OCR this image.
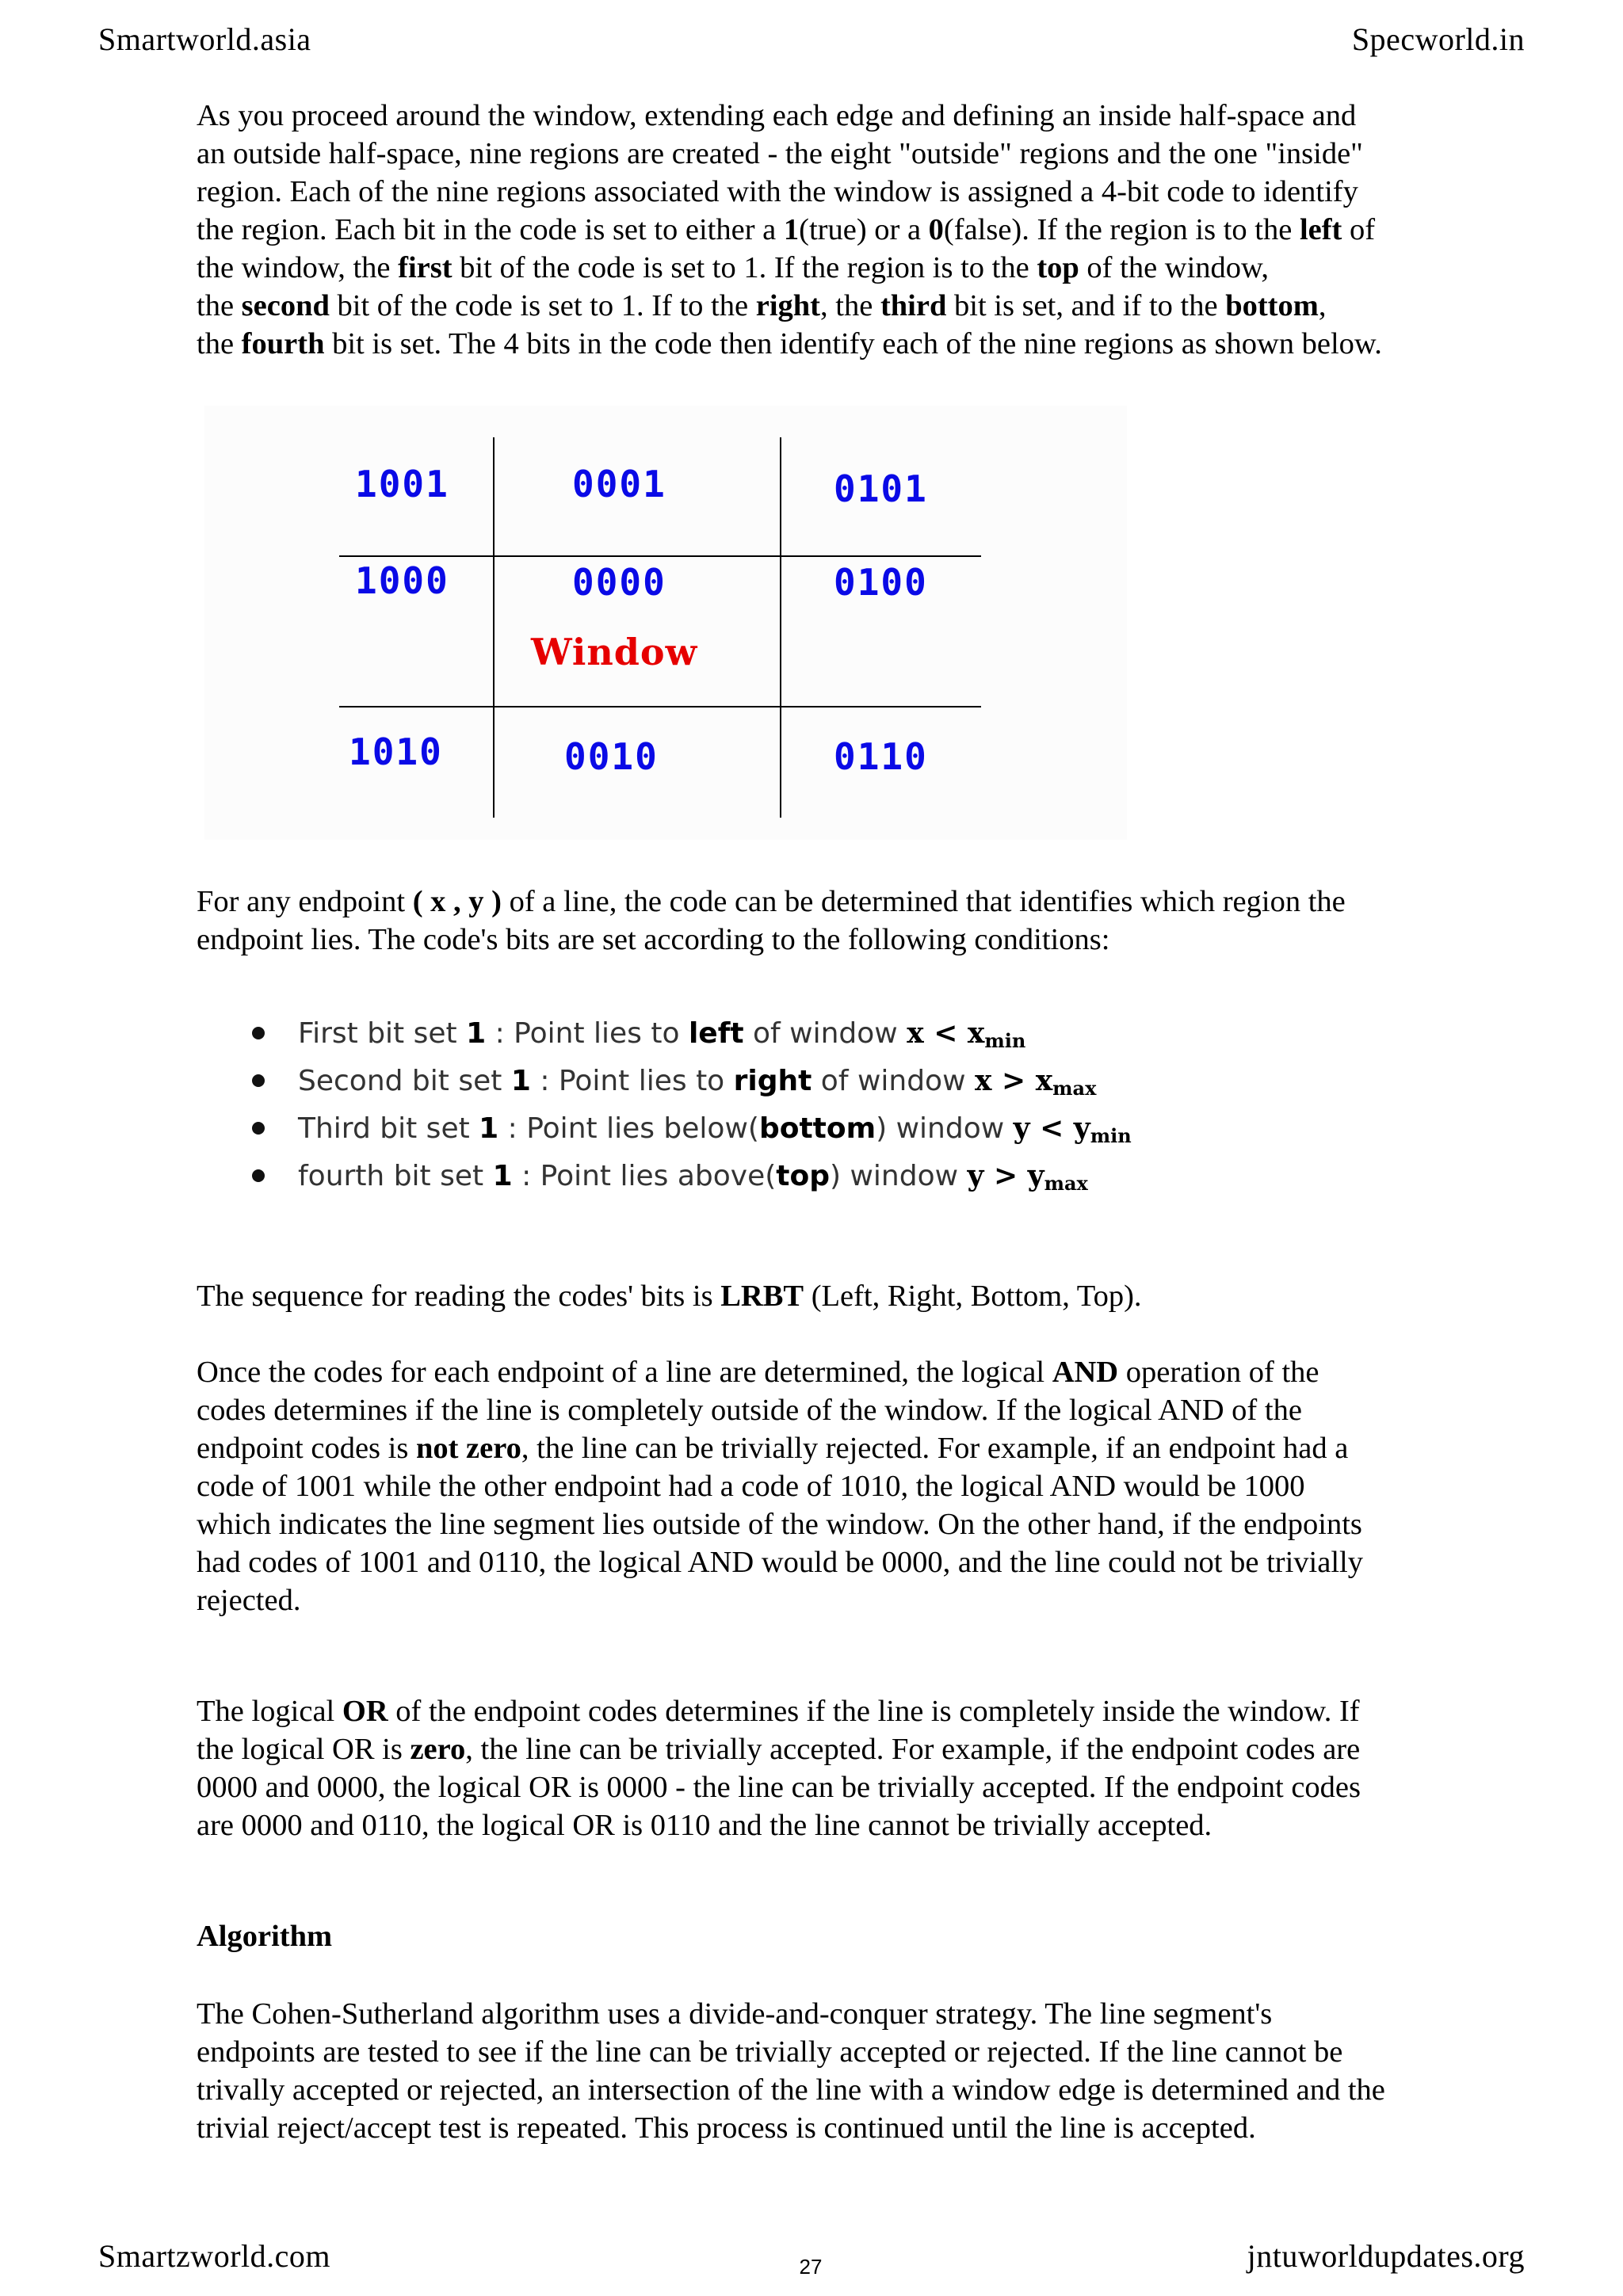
Smartworld.asia	Specworld.in

As you proceed around the window, extending each edge and defining an inside half-space and
an outside half-space, nine regions are created - the eight "outside" regions and the one "inside"
region. Each of the nine regions associated with the window is assigned a 4-bit code to identify
the region. Each bit in the code is set to either a 1(true) or a 0(false). If the region is to the left of
the window, the first bit of the code is set to 1. If the region is to the top of the window,
the second bit of the code is set to 1. If to the right, the third bit is set, and if to the bottom,
the fourth bit is set. The 4 bits in the code then identify each of the nine regions as shown below.

1001	0001	0101
1000	0000	0100
Window
1010	0010	0110

For any endpoint ( x , y ) of a line, the code can be determined that identifies which region the
endpoint lies. The code's bits are set according to the following conditions:

First bit set 1 : Point lies to left of window $x < x_{min}$
Second bit set 1 : Point lies to right of window $x > x_{max}$
Third bit set 1 : Point lies below(bottom) window $y < y_{min}$
fourth bit set 1 : Point lies above(top) window $y > y_{max}$

The sequence for reading the codes' bits is LRBT (Left, Right, Bottom, Top).

Once the codes for each endpoint of a line are determined, the logical AND operation of the
codes determines if the line is completely outside of the window. If the logical AND of the
endpoint codes is not zero, the line can be trivially rejected. For example, if an endpoint had a
code of 1001 while the other endpoint had a code of 1010, the logical AND would be 1000
which indicates the line segment lies outside of the window. On the other hand, if the endpoints
had codes of 1001 and 0110, the logical AND would be 0000, and the line could not be trivially
rejected.

The logical OR of the endpoint codes determines if the line is completely inside the window. If
the logical OR is zero, the line can be trivially accepted. For example, if the endpoint codes are
0000 and 0000, the logical OR is 0000 - the line can be trivially accepted. If the endpoint codes
are 0000 and 0110, the logical OR is 0110 and the line cannot be trivially accepted.

Algorithm

The Cohen-Sutherland algorithm uses a divide-and-conquer strategy. The line segment's
endpoints are tested to see if the line can be trivially accepted or rejected. If the line cannot be
trivally accepted or rejected, an intersection of the line with a window edge is determined and the
trivial reject/accept test is repeated. This process is continued until the line is accepted.

Smartzworld.com	27	jntuworldupdates.org
